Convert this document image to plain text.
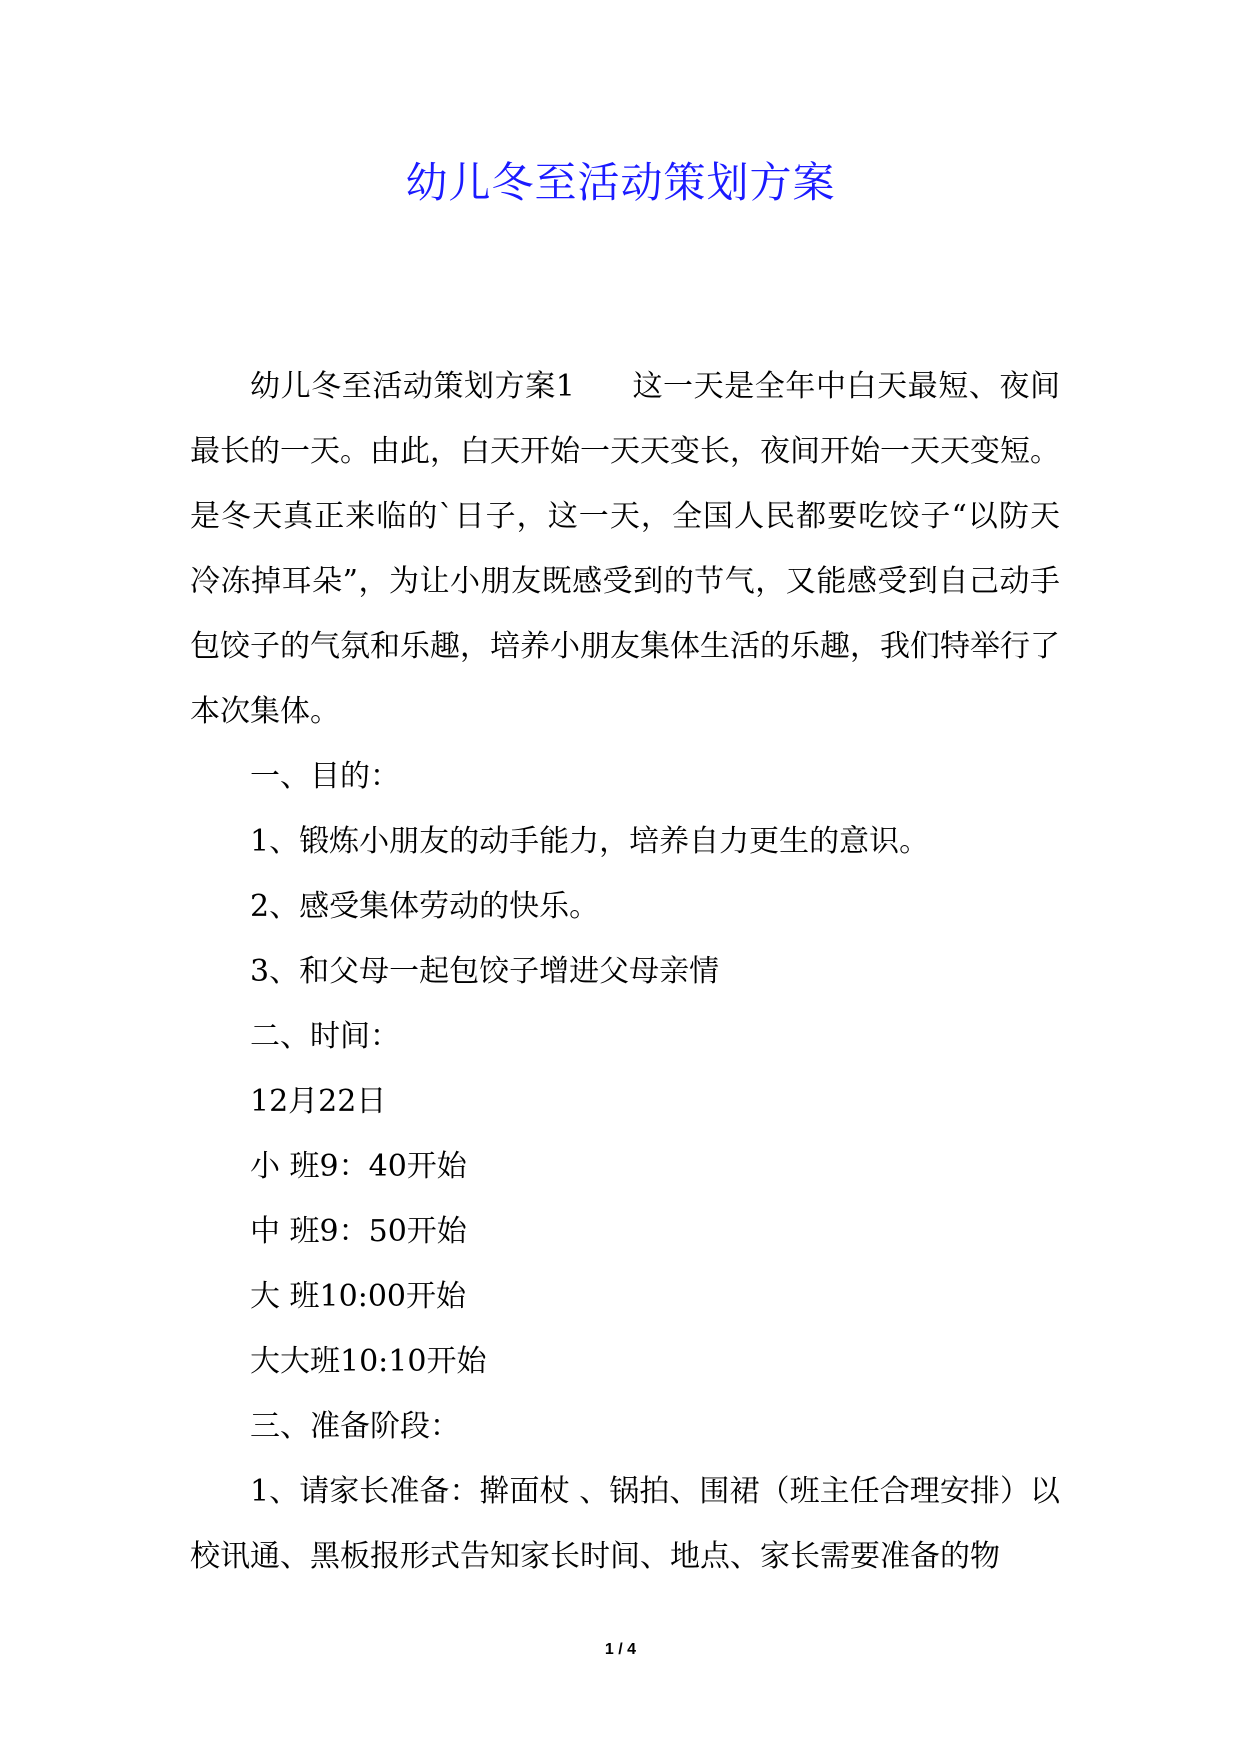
幼儿冬至活动策划方案

幼儿冬至活动策划方案1 这一天是全年中白天最短、夜间最长的一天。由此，白天开始一天天变长，夜间开始一天天变短。是冬天真正来临的`日子，这一天，全国人民都要吃饺子“以防天冷冻掉耳朵”，为让小朋友既感受到的节气，又能感受到自己动手包饺子的气氛和乐趣，培养小朋友集体生活的乐趣，我们特举行了本次集体。

一、目的：

1、锻炼小朋友的动手能力，培养自力更生的意识。

2、感受集体劳动的快乐。

3、和父母一起包饺子增进父母亲情

二、时间：

12月22日

小 班9：40开始

中 班9：50开始

大 班10:00开始

大大班10:10开始

三、准备阶段：

1、请家长准备：擀面杖 、锅拍、围裙（班主任合理安排）以校讯通、黑板报形式告知家长时间、地点、家长需要准备的物

1 / 4
